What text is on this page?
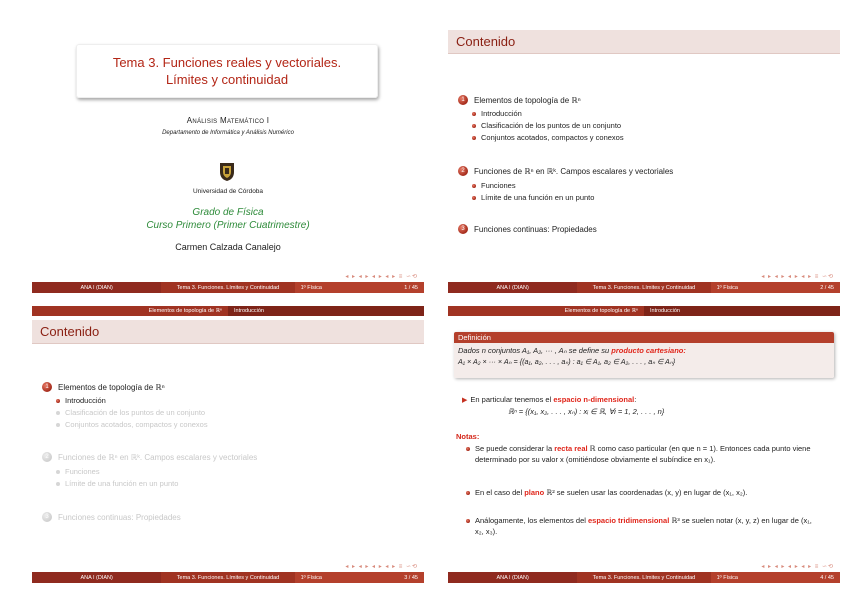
Tema 3. Funciones reales y vectoriales.
Límites y continuidad
Análisis Matemático I
Departamento de Informática y Análisis Numérico
Universidad de Córdoba
Grado de Física
Curso Primero (Primer Cuatrimestre)
Carmen Calzada Canalejo
◂ ▸ ◂ ▸ ◂ ▸ ◂ ▸ ≡ ∽⟲
ANA I (DIAN)	Tema 3. Funciones. Límites y Continuidad	1º Física	1 / 45
Contenido
1	Elementos de topología de ℝⁿ
Introducción
Clasificación de los puntos de un conjunto
Conjuntos acotados, compactos y conexos
2	Funciones de ℝⁿ en ℝᵏ. Campos escalares y vectoriales
Funciones
Límite de una función en un punto
3	Funciones continuas: Propiedades
◂ ▸ ◂ ▸ ◂ ▸ ◂ ▸ ≡ ∽⟲
ANA I (DIAN)	Tema 3. Funciones. Límites y Continuidad	1º Física	2 / 45
Elementos de topología de ℝⁿ	Introducción
Contenido
1	Elementos de topología de ℝⁿ
Introducción
Clasificación de los puntos de un conjunto
Conjuntos acotados, compactos y conexos
2	Funciones de ℝⁿ en ℝᵏ. Campos escalares y vectoriales
Funciones
Límite de una función en un punto
3	Funciones continuas: Propiedades
◂ ▸ ◂ ▸ ◂ ▸ ◂ ▸ ≡ ∽⟲
ANA I (DIAN)	Tema 3. Funciones. Límites y Continuidad	1º Física	3 / 45
Elementos de topología de ℝⁿ	Introducción
Definición
Dados n conjuntos A₁, A₂, ··· , Aₙ se define su producto cartesiano:
A₁ × A₂ × ··· × Aₙ = {(a₁, a₂, . . . , aₙ) : a₁ ∈ A₁, a₂ ∈ A₂, . . . , aₙ ∈ Aₙ}
▶ En particular tenemos el espacio n-dimensional:
ℝⁿ = {(x₁, x₂, . . . , xₙ) : xᵢ ∈ ℝ, ∀i = 1, 2, . . . , n}
Notas:
Se puede considerar la recta real ℝ como caso particular (en que n = 1). Entonces cada punto viene determinado por su valor x (omitiéndose obviamente el subíndice en x₁).
En el caso del plano ℝ² se suelen usar las coordenadas (x, y) en lugar de (x₁, x₂).
Análogamente, los elementos del espacio tridimensional ℝ³ se suelen notar (x, y, z) en lugar de (x₁, x₂, x₃).
◂ ▸ ◂ ▸ ◂ ▸ ◂ ▸ ≡ ∽⟲
ANA I (DIAN)	Tema 3. Funciones. Límites y Continuidad	1º Física	4 / 45
